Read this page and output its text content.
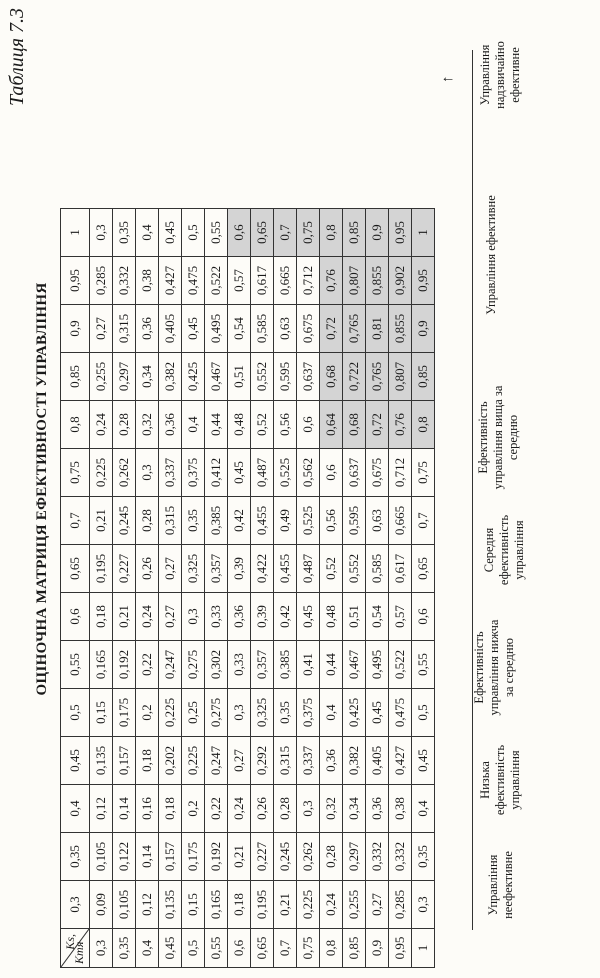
Таблиця 7.3
ОЦІНОЧНА МАТРИЦЯ ЕФЕКТИВНОСТІ УПРАВЛІННЯ
Ks,
Kтя	0,3	0,35	0,4	0,45	0,5	0,55	0,6	0,65	0,7	0,75	0,8	0,85	0,9	0,95	1
0,3	0,09	0,105	0,12	0,135	0,15	0,165	0,18	0,195	0,21	0,225	0,24	0,255	0,27	0,285	0,3
0,35	0,105	0,122	0,14	0,157	0,175	0,192	0,21	0,227	0,245	0,262	0,28	0,297	0,315	0,332	0,35
0,4	0,12	0,14	0,16	0,18	0,2	0,22	0,24	0,26	0,28	0,3	0,32	0,34	0,36	0,38	0,4
0,45	0,135	0,157	0,18	0,202	0,225	0,247	0,27	0,27	0,315	0,337	0,36	0,382	0,405	0,427	0,45
0,5	0,15	0,175	0,2	0,225	0,25	0,275	0,3	0,325	0,35	0,375	0,4	0,425	0,45	0,475	0,5
0,55	0,165	0,192	0,22	0,247	0,275	0,302	0,33	0,357	0,385	0,412	0,44	0,467	0,495	0,522	0,55
0,6	0,18	0,21	0,24	0,27	0,3	0,33	0,36	0,39	0,42	0,45	0,48	0,51	0,54	0,57	0,6
0,65	0,195	0,227	0,26	0,292	0,325	0,357	0,39	0,422	0,455	0,487	0,52	0,552	0,585	0,617	0,65
0,7	0,21	0,245	0,28	0,315	0,35	0,385	0,42	0,455	0,49	0,525	0,56	0,595	0,63	0,665	0,7
0,75	0,225	0,262	0,3	0,337	0,375	0,41	0,45	0,487	0,525	0,562	0,6	0,637	0,675	0,712	0,75
0,8	0,24	0,28	0,32	0,36	0,4	0,44	0,48	0,52	0,56	0,6	0,64	0,68	0,72	0,76	0,8
0,85	0,255	0,297	0,34	0,382	0,425	0,467	0,51	0,552	0,595	0,637	0,68	0,722	0,765	0,807	0,85
0,9	0,27	0,332	0,36	0,405	0,45	0,495	0,54	0,585	0,63	0,675	0,72	0,765	0,81	0,855	0,9
0,95	0,285	0,332	0,38	0,427	0,475	0,522	0,57	0,617	0,665	0,712	0,76	0,807	0,855	0,902	0,95
1	0,3	0,35	0,4	0,45	0,5	0,55	0,6	0,65	0,7	0,75	0,8	0,85	0,9	0,95	1
Управління неефективне
Низька ефективність управління
Ефективність управління нижча за середню
Середня ефективність управління
Ефективність управління вища за середню
Управління ефективне
Управління надзвичайно ефективне
↑
